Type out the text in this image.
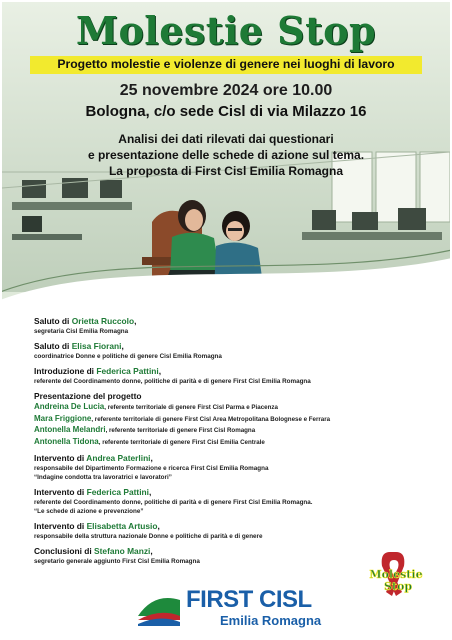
Molestie Stop
Progetto molestie e violenze di genere nei luoghi di lavoro
25 novembre 2024 ore 10.00
Bologna, c/o sede Cisl di via Milazzo 16
Analisi dei dati rilevati dai questionari
e presentazione delle schede di azione sul tema.
La proposta di First Cisl Emilia Romagna
Saluto di Orietta Ruccolo,
segretaria Cisl Emilia Romagna
Saluto di Elisa Fiorani,
coordinatrice Donne e politiche di genere Cisl Emilia Romagna
Introduzione di Federica Pattini,
referente del Coordinamento donne, politiche di parità e di genere First Cisl Emilia Romagna
Presentazione del progetto
Andreina De Lucia, referente territoriale di genere First Cisl Parma e Piacenza
Mara Friggione, referente territoriale di genere First Cisl Area Metropolitana Bolognese e Ferrara
Antonella Melandri, referente territoriale di genere First Cisl Romagna
Antonella Tidona, referente territoriale di genere First Cisl Emilia Centrale
Intervento di Andrea Paterlini,
responsabile del Dipartimento Formazione e ricerca First Cisl Emilia Romagna
“Indagine condotta tra lavoratrici e lavoratori”
Intervento di Federica Pattini,
referente del Coordinamento donne, politiche di parità e di genere First Cisl Emilia Romagna.
“Le schede di azione e prevenzione”
Intervento di Elisabetta Artusio,
responsabile della struttura nazionale Donne e politiche di parità e di genere
Conclusioni di Stefano Manzi,
segretario generale aggiunto First Cisl Emilia Romagna
FIRST CISL
Emilia Romagna
Molestie
Stop
